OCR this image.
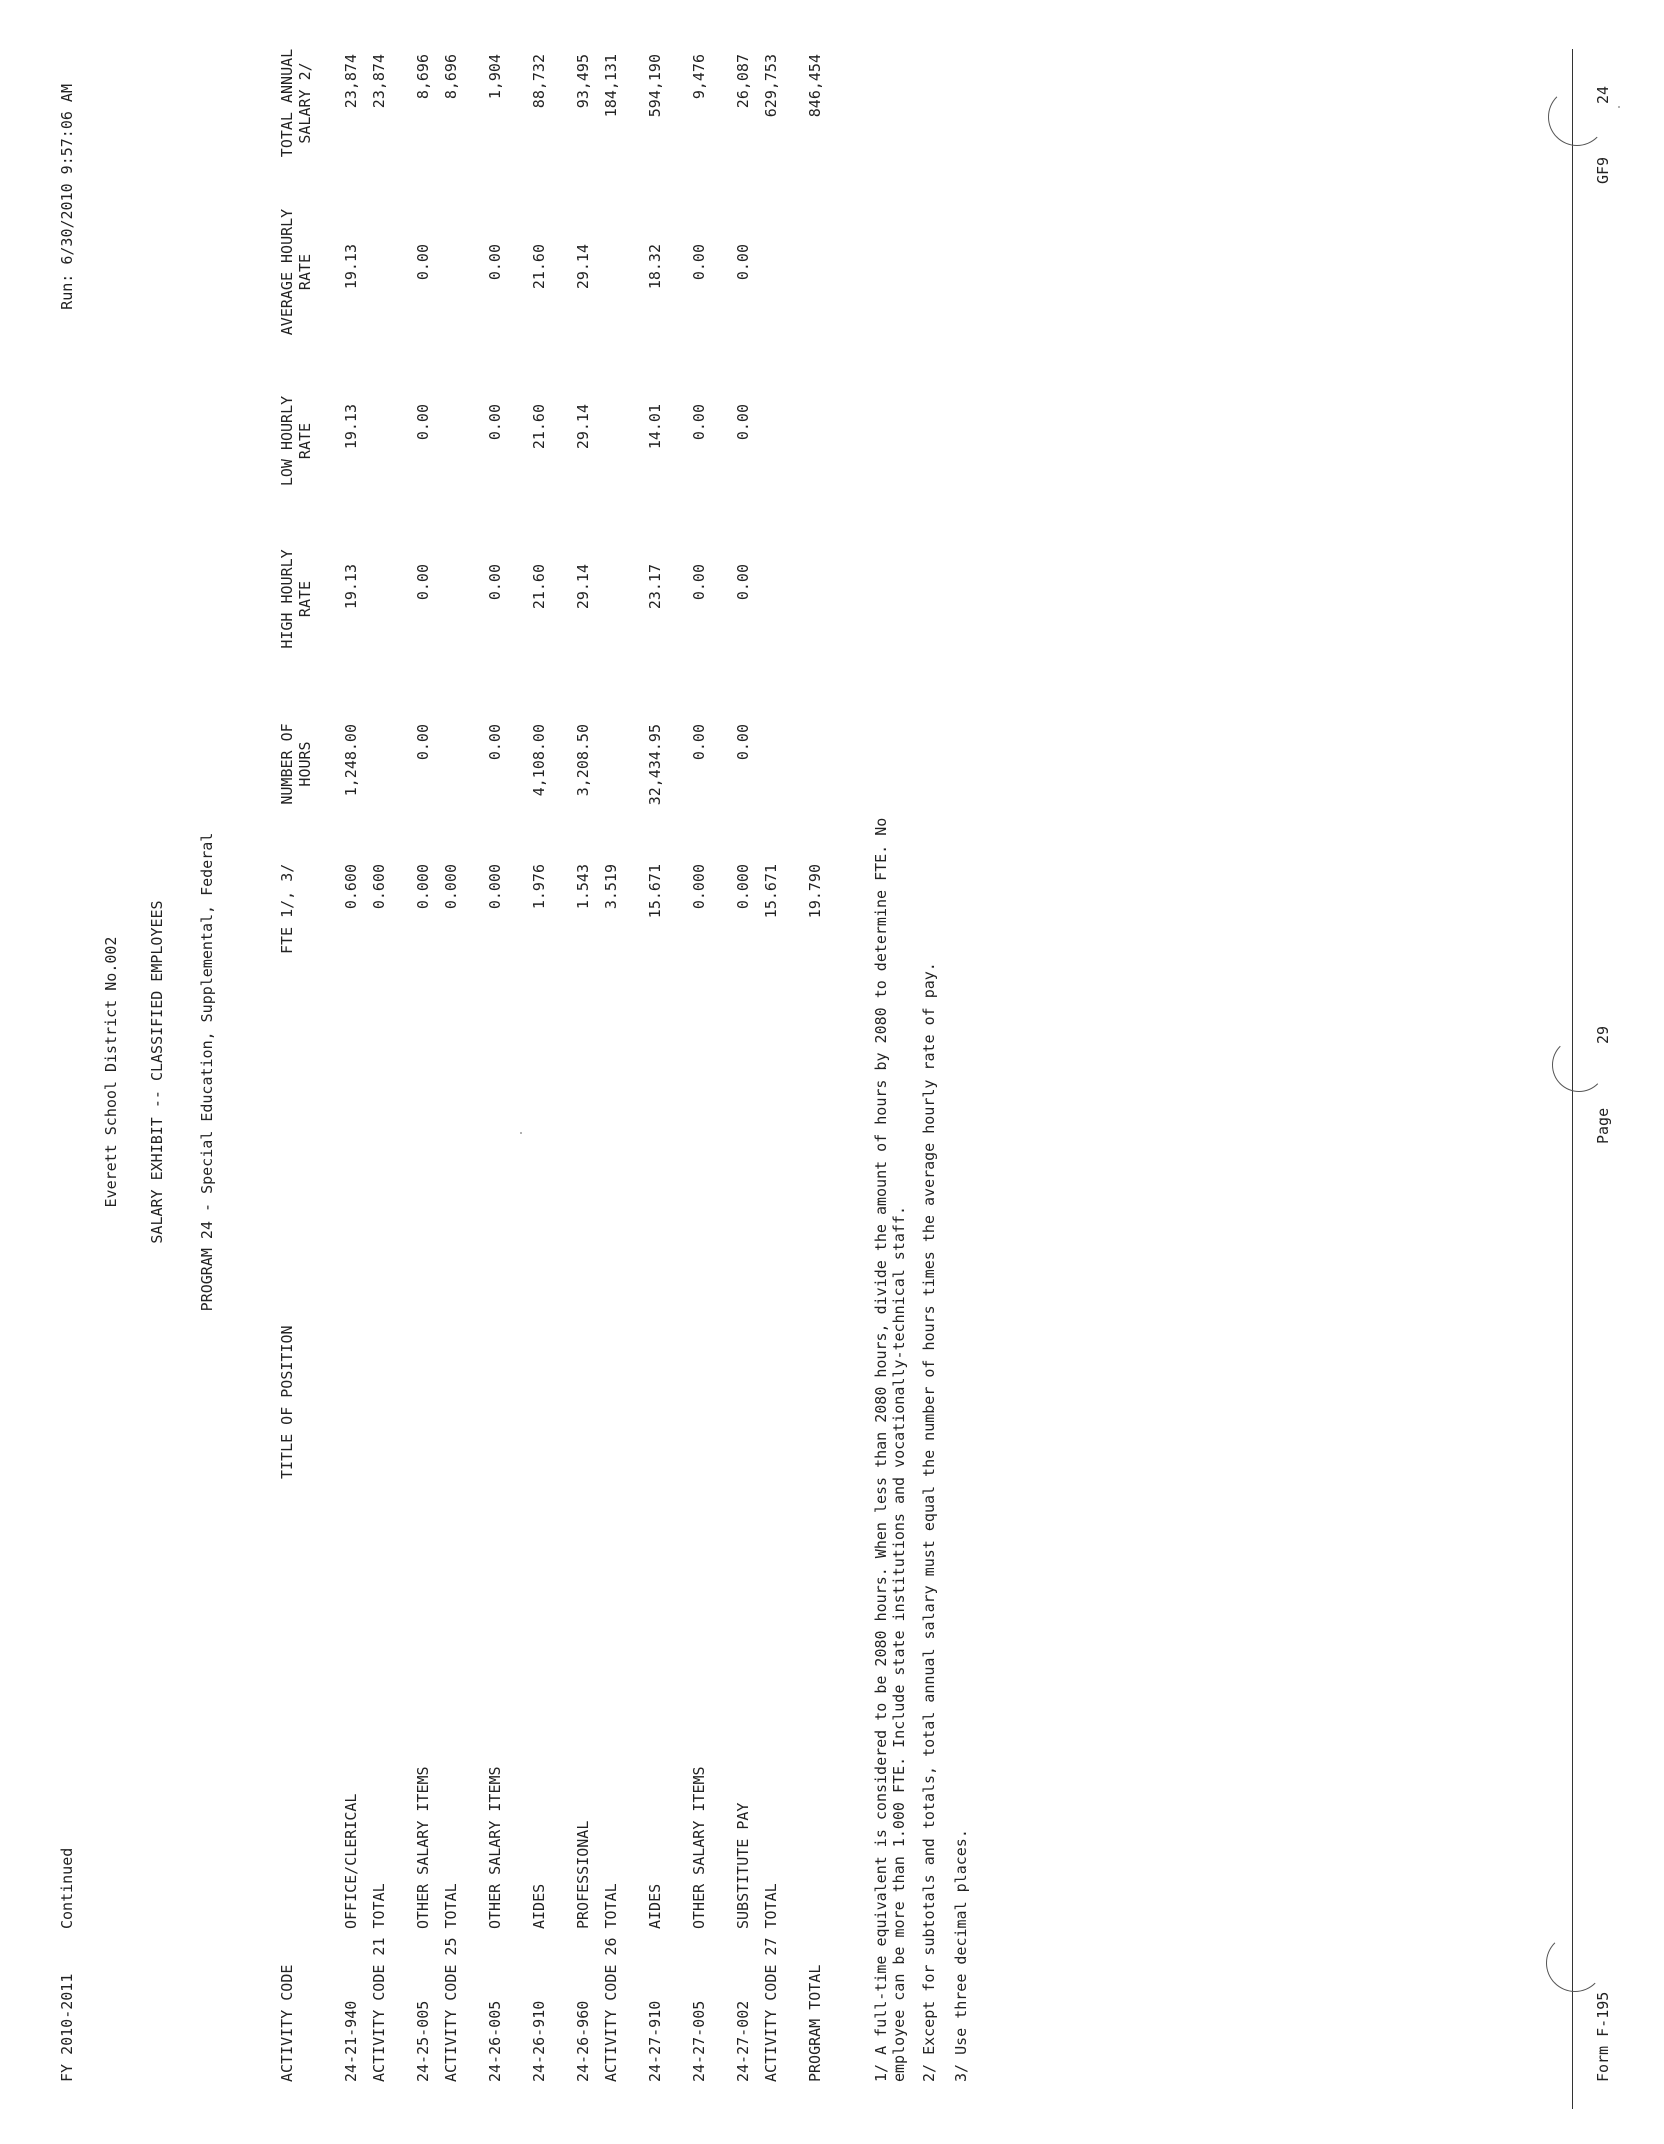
FY 2010-2011
Continued
Run: 6/30/2010 9:57:06 AM
Everett School District No.002 SALARY EXHIBIT -- CLASSIFIED EMPLOYEES PROGRAM 24 - Special Education, Supplemental, Federal
ACTIVITY CODE
TITLE OF POSITION
FTE 1/, 3/
NUMBER OF HOURS
HIGH HOURLY RATE
LOW HOURLY RATE
AVERAGE HOURLY RATE
TOTAL ANNUAL SALARY 2/
24-21-940
OFFICE/CLERICAL
0.600
1,248.00
19.13
19.13
19.13
23,874
ACTIVITY CODE 21 TOTAL
0.600
23,874
24-25-005
OTHER SALARY ITEMS
0.000
0.00
0.00
0.00
0.00
8,696
ACTIVITY CODE 25 TOTAL
0.000
8,696
24-26-005
OTHER SALARY ITEMS
0.000
0.00
0.00
0.00
0.00
1,904
24-26-910
AIDES
1.976
4,108.00
21.60
21.60
21.60
88,732
24-26-960
PROFESSIONAL
1.543
3,208.50
29.14
29.14
29.14
93,495
ACTIVITY CODE 26 TOTAL
3.519
184,131
24-27-910
AIDES
15.671
32,434.95
23.17
14.01
18.32
594,190
24-27-005
OTHER SALARY ITEMS
0.000
0.00
0.00
0.00
0.00
9,476
24-27-002
SUBSTITUTE PAY
0.000
0.00
0.00
0.00
0.00
26,087
ACTIVITY CODE 27 TOTAL
15.671
629,753
PROGRAM TOTAL
19.790
846,454
1/ A full-time equivalent is considered to be 2080 hours. When less than 2080 hours, divide the amount of hours by 2080 to determine FTE. No employee can be more than 1.000 FTE. Include state institutions and vocationally-technical staff. 2/ Except for subtotals and totals, total annual salary must equal the number of hours times the average hourly rate of pay. 3/ Use three decimal places.	Form F-195
Page
29
GF9
24
